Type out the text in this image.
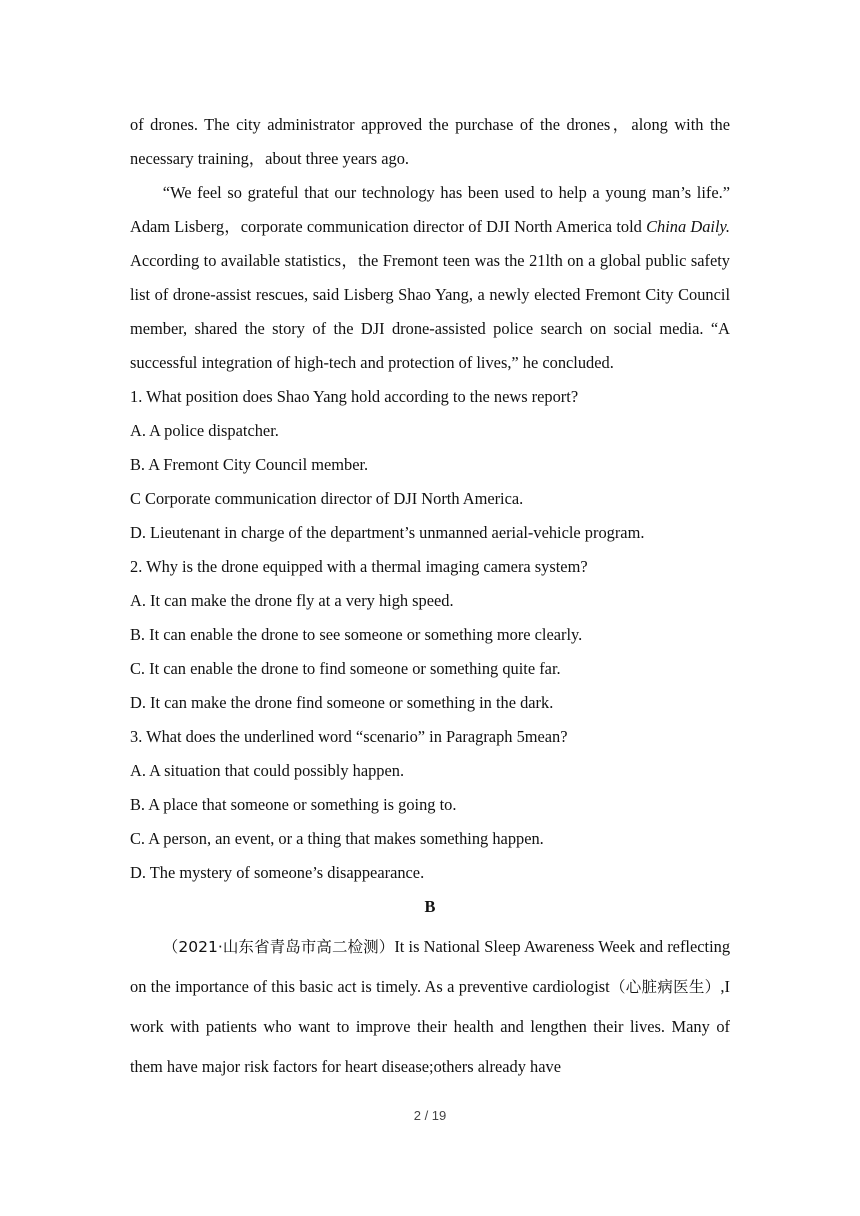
of drones. The city administrator approved the purchase of the drones，along with the necessary training，about three years ago.

“We feel so grateful that our technology has been used to help a young man’s life.” Adam Lisberg，corporate communication director of DJI North America told China Daily. According to available statistics，the Fremont teen was the 21lth on a global public safety list of drone-assist rescues, said Lisberg Shao Yang, a newly elected Fremont City Council member, shared the story of the DJI drone-assisted police search on social media. “A successful integration of high-tech and protection of lives,” he concluded.

1. What position does Shao Yang hold according to the news report?

A. A police dispatcher.

B. A Fremont City Council member.

C Corporate communication director of DJI North America.

D. Lieutenant in charge of the department’s unmanned aerial-vehicle program.

2. Why is the drone equipped with a thermal imaging camera system?

A. It can make the drone fly at a very high speed.

B. It can enable the drone to see someone or something more clearly.

C. It can enable the drone to find someone or something quite far.

D. It can make the drone find someone or something in the dark.

3. What does the underlined word “scenario” in Paragraph 5mean?

A. A situation that could possibly happen.

B. A place that someone or something is going to.

C. A person, an event, or a thing that makes something happen.

D. The mystery of someone’s disappearance.

B

（2021·山东省青岛市高二检测）It is National Sleep Awareness Week and reflecting on the importance of this basic act is timely. As a preventive cardiologist（心脏病医生）,I work with patients who want to improve their health and lengthen their lives. Many of them have major risk factors for heart disease;others already have

2 / 19
